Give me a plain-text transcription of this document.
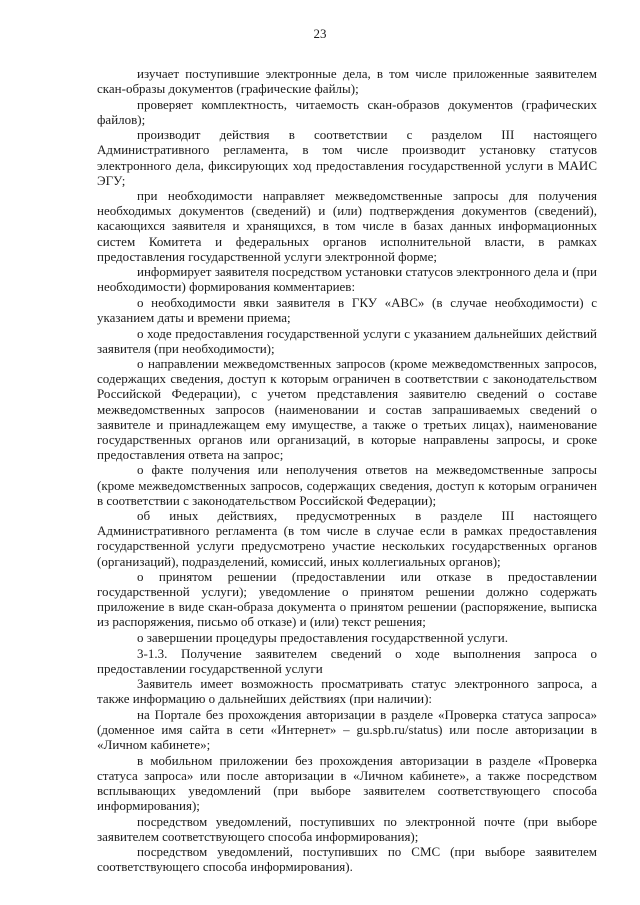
23

изучает поступившие электронные дела, в том числе приложенные заявителем скан-образы документов (графические файлы);

проверяет комплектность, читаемость скан-образов документов (графических файлов);

производит действия в соответствии с разделом III настоящего Административного регламента, в том числе производит установку статусов электронного дела, фиксирующих ход предоставления государственной услуги в МАИС ЭГУ;

при необходимости направляет межведомственные запросы для получения необходимых документов (сведений) и (или) подтверждения документов (сведений), касающихся заявителя и хранящихся, в том числе в базах данных информационных систем Комитета и федеральных органов исполнительной власти, в рамках предоставления государственной услуги электронной форме;

информирует заявителя посредством установки статусов электронного дела и (при необходимости) формирования комментариев:

о необходимости явки заявителя в ГКУ «АВС» (в случае необходимости) с указанием даты и времени приема;

о ходе предоставления государственной услуги с указанием дальнейших действий заявителя (при необходимости);

о направлении межведомственных запросов (кроме межведомственных запросов, содержащих сведения, доступ к которым ограничен в соответствии с законодательством Российской Федерации), с учетом представления заявителю сведений о составе межведомственных запросов (наименовании и состав запрашиваемых сведений о заявителе и принадлежащем ему имуществе, а также о третьих лицах), наименование государственных органов или организаций, в которые направлены запросы, и сроке предоставления ответа на запрос;

о факте получения или неполучения ответов на межведомственные запросы (кроме межведомственных запросов, содержащих сведения, доступ к которым ограничен в соответствии с законодательством Российской Федерации);

об иных действиях, предусмотренных в разделе III настоящего Административного регламента (в том числе в случае если в рамках предоставления государственной услуги предусмотрено участие нескольких государственных органов (организаций), подразделений, комиссий, иных коллегиальных органов);

о принятом решении (предоставлении или отказе в предоставлении государственной услуги); уведомление о принятом решении должно содержать приложение в виде скан-образа документа о принятом решении (распоряжение, выписка из распоряжения, письмо об отказе) и (или) текст решения;

о завершении процедуры предоставления государственной услуги.

3-1.3. Получение заявителем сведений о ходе выполнения запроса о предоставлении государственной услуги

Заявитель имеет возможность просматривать статус электронного запроса, а также информацию о дальнейших действиях (при наличии):

на Портале без прохождения авторизации в разделе «Проверка статуса запроса» (доменное имя сайта в сети «Интернет» – gu.spb.ru/status) или после авторизации в «Личном кабинете»;

в мобильном приложении без прохождения авторизации в разделе «Проверка статуса запроса» или после авторизации в «Личном кабинете», а также посредством всплывающих уведомлений (при выборе заявителем соответствующего способа информирования);

посредством уведомлений, поступивших по электронной почте (при выборе заявителем соответствующего способа информирования);

посредством уведомлений, поступивших по СМС (при выборе заявителем соответствующего способа информирования).
